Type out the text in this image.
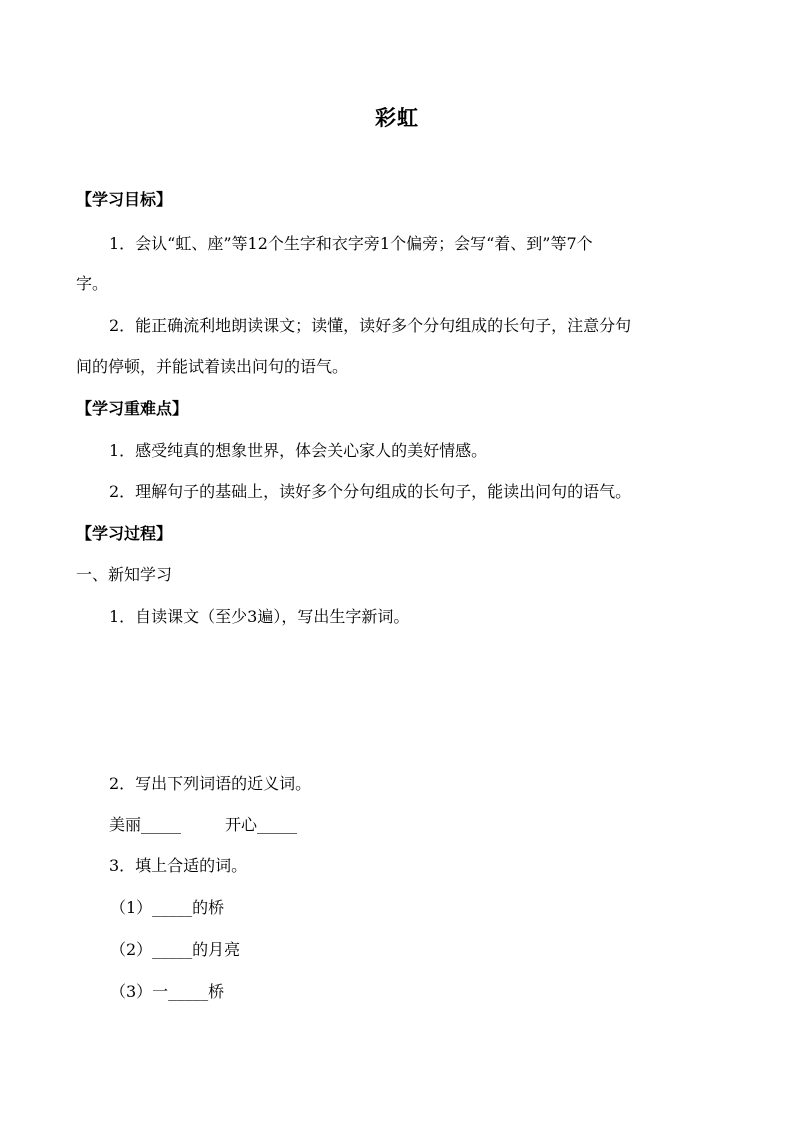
彩虹
【学习目标】
1．会认“虹、座”等12个生字和衣字旁1个偏旁；会写“着、到”等7个
字。
2．能正确流利地朗读课文；读懂，读好多个分句组成的长句子，注意分句
间的停顿，并能试着读出问句的语气。
【学习重难点】
1．感受纯真的想象世界，体会关心家人的美好情感。
2．理解句子的基础上，读好多个分句组成的长句子，能读出问句的语气。
【学习过程】
一、新知学习
1．自读课文（至少3遍），写出生字新词。
2．写出下列词语的近义词。
美丽_____	开心_____
3．填上合适的词。
（1）_____的桥
（2）_____的月亮
（3）一_____桥
